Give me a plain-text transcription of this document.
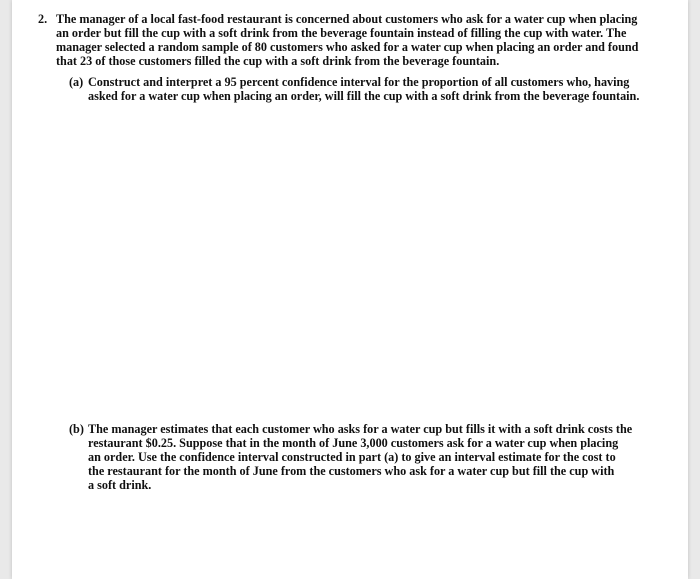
2. The manager of a local fast-food restaurant is concerned about customers who ask for a water cup when placing
an order but fill the cup with a soft drink from the beverage fountain instead of filling the cup with water. The
manager selected a random sample of 80 customers who asked for a water cup when placing an order and found
that 23 of those customers filled the cup with a soft drink from the beverage fountain.

(a) Construct and interpret a 95 percent confidence interval for the proportion of all customers who, having
asked for a water cup when placing an order, will fill the cup with a soft drink from the beverage fountain.

(b) The manager estimates that each customer who asks for a water cup but fills it with a soft drink costs the
restaurant $0.25. Suppose that in the month of June 3,000 customers ask for a water cup when placing
an order. Use the confidence interval constructed in part (a) to give an interval estimate for the cost to
the restaurant for the month of June from the customers who ask for a water cup but fill the cup with
a soft drink.
